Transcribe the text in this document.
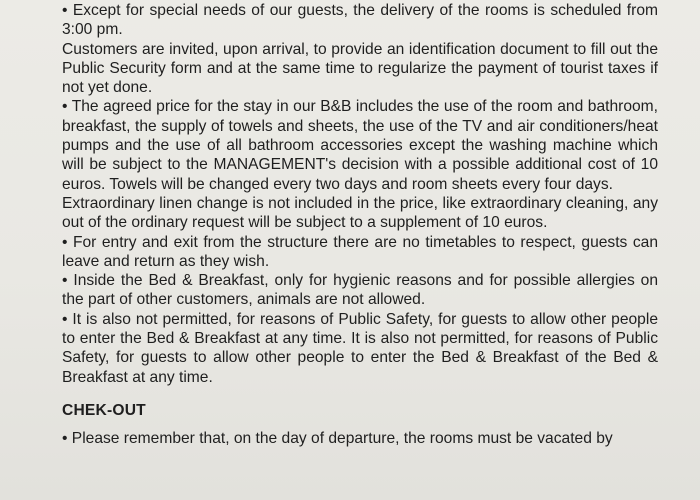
• Except for special needs of our guests, the delivery of the rooms is scheduled from 3:00 pm.

Customers are invited, upon arrival, to provide an identification document to fill out the Public Security form and at the same time to regularize the payment of tourist taxes if not yet done.

• The agreed price for the stay in our B&B includes the use of the room and bathroom, breakfast, the supply of towels and sheets, the use of the TV and air conditioners/heat pumps and the use of all bathroom accessories except the washing machine which will be subject to the MANAGEMENT's decision with a possible additional cost of 10 euros. Towels will be changed every two days and room sheets every four days.

Extraordinary linen change is not included in the price, like extraordinary cleaning, any out of the ordinary request will be subject to a supplement of 10 euros.

• For entry and exit from the structure there are no timetables to respect, guests can leave and return as they wish.

• Inside the Bed & Breakfast, only for hygienic reasons and for possible allergies on the part of other customers, animals are not allowed.

• It is also not permitted, for reasons of Public Safety, for guests to allow other people to enter the Bed & Breakfast at any time. It is also not permitted, for reasons of Public Safety, for guests to allow other people to enter the Bed & Breakfast of the Bed & Breakfast at any time.

CHEK-OUT

• Please remember that, on the day of departure, the rooms must be vacated by
